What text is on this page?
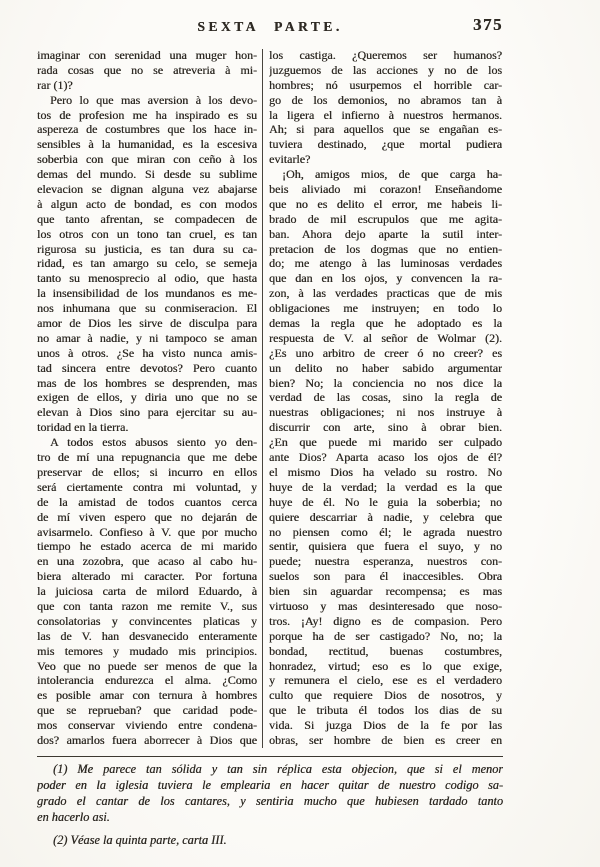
SEXTA PARTE.	375
imaginar con serenidad una muger hon-
rada cosas que no se atreveria à mi-
rar (1)?
Pero lo que mas aversion à los devo-
tos de profesion me ha inspirado es su
aspereza de costumbres que los hace in-
sensibles à la humanidad, es la escesiva
soberbia con que miran con ceño à los
demas del mundo. Si desde su sublime
elevacion se dignan alguna vez abajarse
à algun acto de bondad, es con modos
que tanto afrentan, se compadecen de
los otros con un tono tan cruel, es tan
rigurosa su justicia, es tan dura su ca-
ridad, es tan amargo su celo, se semeja
tanto su menosprecio al odio, que hasta
la insensibilidad de los mundanos es me-
nos inhumana que su conmiseracion. El
amor de Dios les sirve de disculpa para
no amar à nadie, y ni tampoco se aman
unos à otros. ¿Se ha visto nunca amis-
tad sincera entre devotos? Pero cuanto
mas de los hombres se desprenden, mas
exigen de ellos, y diria uno que no se
elevan à Dios sino para ejercitar su au-
toridad en la tierra.
A todos estos abusos siento yo den-
tro de mí una repugnancia que me debe
preservar de ellos; si incurro en ellos
será ciertamente contra mi voluntad, y
de la amistad de todos cuantos cerca
de mí viven espero que no dejarán de
avisarmelo. Confieso à V. que por mucho
tiempo he estado acerca de mi marido
en una zozobra, que acaso al cabo hu-
biera alterado mi caracter. Por fortuna
la juiciosa carta de milord Eduardo, à
que con tanta razon me remite V., sus
consolatorias y convincentes platicas y
las de V. han desvanecido enteramente
mis temores y mudado mis principios.
Veo que no puede ser menos de que la
intolerancia endurezca el alma. ¿Como
es posible amar con ternura à hombres
que se reprueban? que caridad pode-
mos conservar viviendo entre condena-
dos? amarlos fuera aborrecer à Dios que
los castiga. ¿Queremos ser humanos?
juzguemos de las acciones y no de los
hombres; nó usurpemos el horrible car-
go de los demonios, no abramos tan à
la ligera el infierno à nuestros hermanos.
Ah; si para aquellos que se engañan es-
tuviera destinado, ¿que mortal pudiera
evitarle?
¡Oh, amigos mios, de que carga ha-
beis aliviado mi corazon! Enseñandome
que no es delito el error, me habeis li-
brado de mil escrupulos que me agita-
ban. Ahora dejo aparte la sutil inter-
pretacion de los dogmas que no entien-
do; me atengo à las luminosas verdades
que dan en los ojos, y convencen la ra-
zon, à las verdades practicas que de mis
obligaciones me instruyen; en todo lo
demas la regla que he adoptado es la
respuesta de V. al señor de Wolmar (2).
¿Es uno arbitro de creer ó no creer? es
un delito no haber sabido argumentar
bien? No; la conciencia no nos dice la
verdad de las cosas, sino la regla de
nuestras obligaciones; ni nos instruye à
discurrir con arte, sino à obrar bien.
¿En que puede mi marido ser culpado
ante Dios? Aparta acaso los ojos de él?
el mismo Dios ha velado su rostro. No
huye de la verdad; la verdad es la que
huye de él. No le guia la soberbia; no
quiere descarriar à nadie, y celebra que
no piensen como él; le agrada nuestro
sentir, quisiera que fuera el suyo, y no
puede; nuestra esperanza, nuestros con-
suelos son para él inaccesibles. Obra
bien sin aguardar recompensa; es mas
virtuoso y mas desinteresado que noso-
tros. ¡Ay! digno es de compasion. Pero
porque ha de ser castigado? No, no; la
bondad, rectitud, buenas costumbres,
honradez, virtud; eso es lo que exige,
y remunera el cielo, ese es el verdadero
culto que requiere Dios de nosotros, y
que le tributa él todos los dias de su
vida. Si juzga Dios de la fe por las
obras, ser hombre de bien es creer en
(1) Me parece tan sólida y tan sin réplica esta objecion, que si el menor
poder en la iglesia tuviera le emplearia en hacer quitar de nuestro codigo sa-
grado el cantar de los cantares, y sentiria mucho que hubiesen tardado tanto
en hacerlo asi.
(2) Véase la quinta parte, carta III.
